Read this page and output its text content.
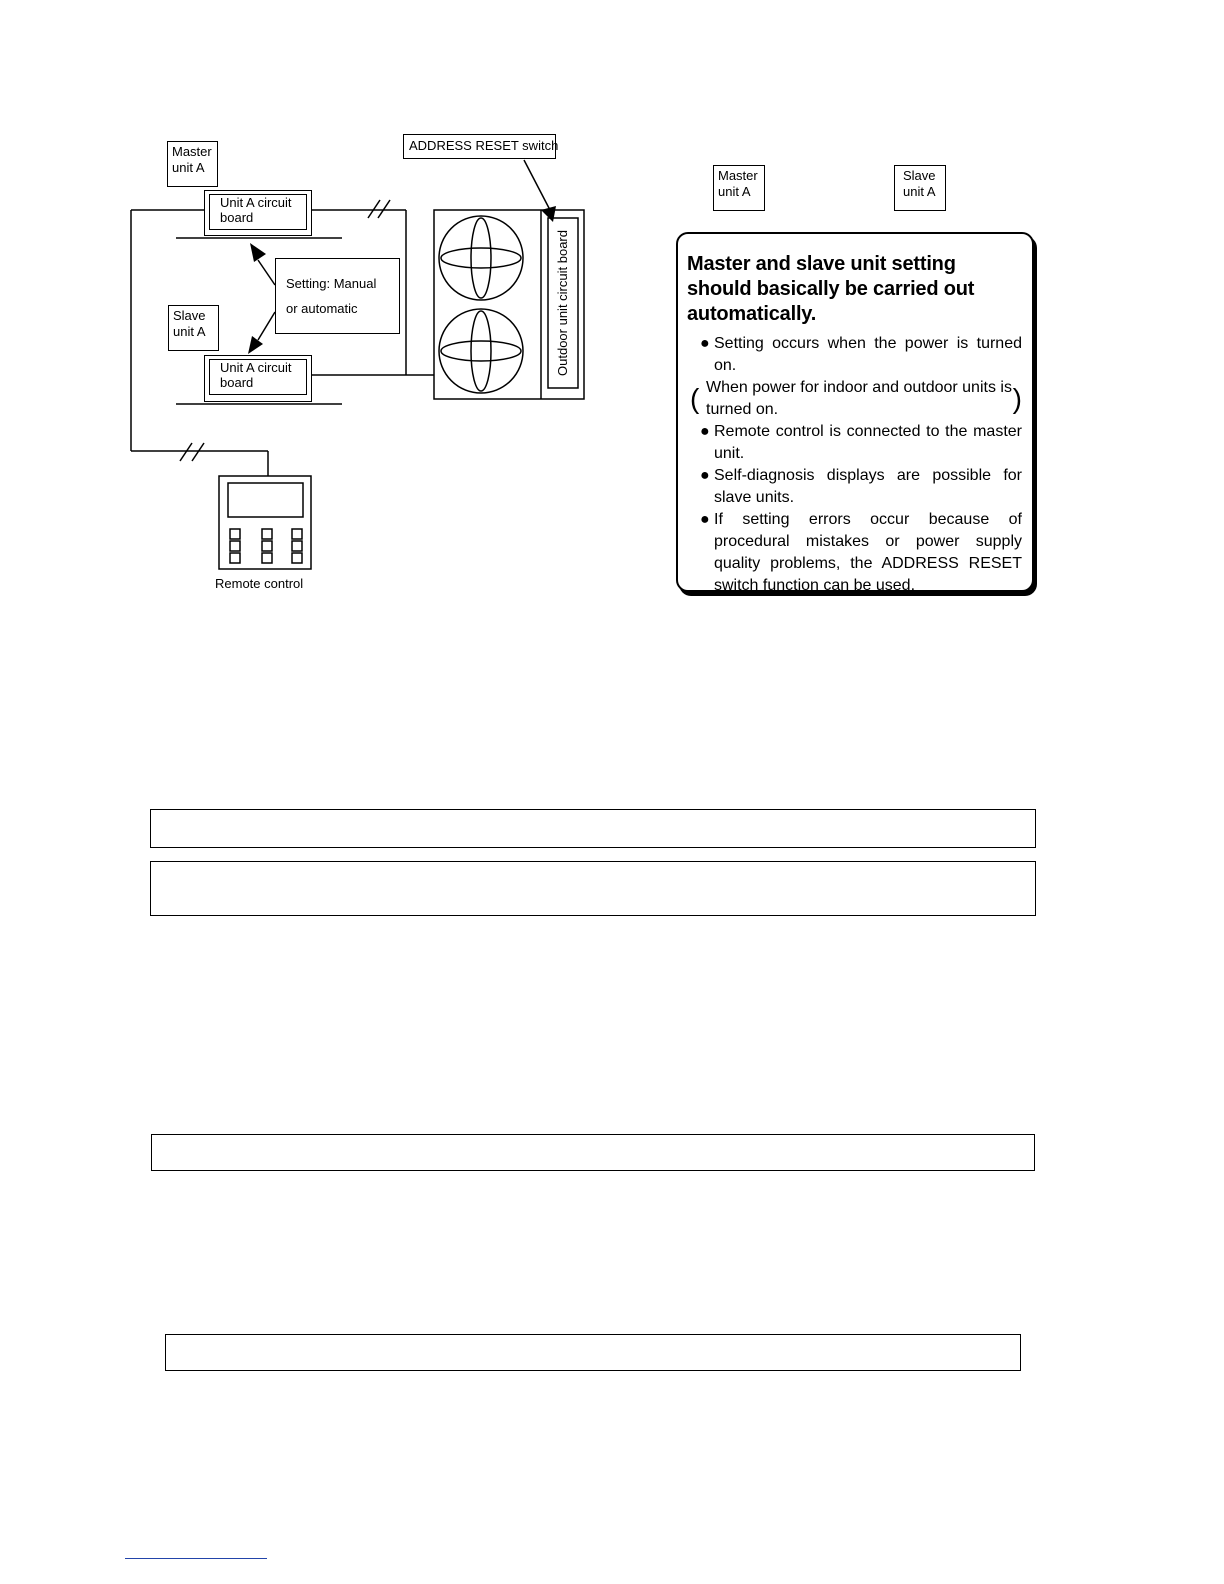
Master
unit A
Unit A circuit
board
Setting: Manual
or automatic
Slave
unit A
Unit A circuit
board
ADDRESS RESET switch
Outdoor unit circuit board
Remote control
Master
unit A
Slave
unit A

Master and slave unit setting should basically be carried out automatically.

● Setting occurs when the power is turned on.
( When power for indoor and outdoor units is turned on.	)
● Remote control is connected to the master unit.
● Self-diagnosis displays are possible for slave units.
● If setting errors occur because of procedural mistakes or power supply quality problems, the ADDRESS RESET switch function can be used.
